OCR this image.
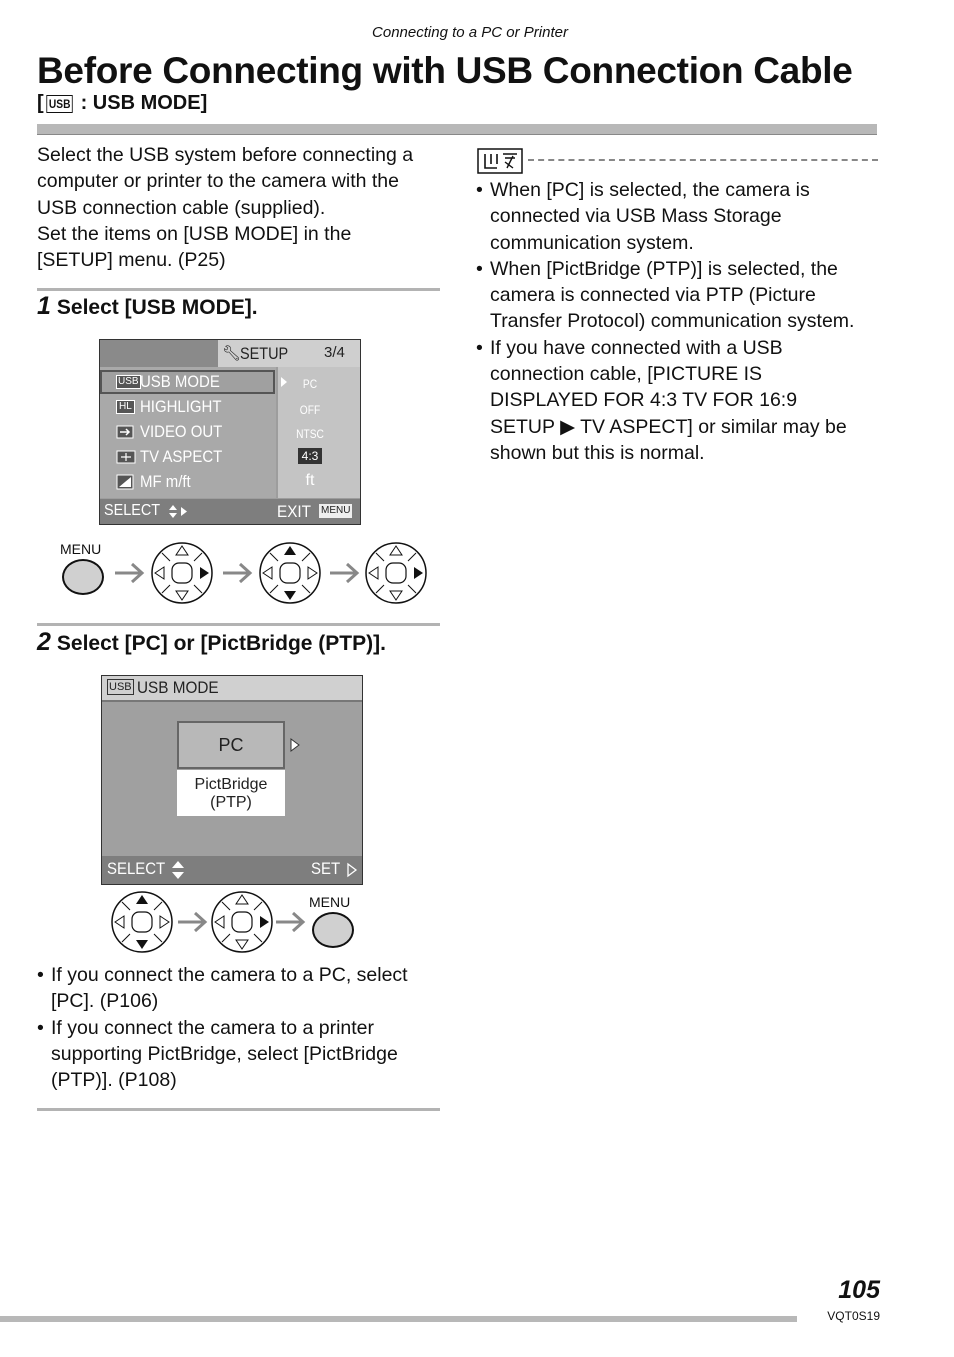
Connecting to a PC or Printer
Before Connecting with USB Connection Cable
[ USB : USB MODE]
Select the USB system before connecting a
computer or printer to the camera with the
USB connection cable (supplied).
Set the items on [USB MODE] in the
[SETUP] menu. (P25)
1 Select [USB MODE].
🔧︎
SETUP 3/4
USB USB MODE
HL HIGHLIGHT
VIDEO OUT
TV ASPECT
MF m/ft
PC
OFF
NTSC
4:3
ft
SELECT	EXIT MENU
MENU
2 Select [PC] or [PictBridge (PTP)].
USB USB MODE
PC
PictBridge
(PTP)
SELECT	SET
MENU
• If you connect the camera to a PC, select
[PC]. (P106)
• If you connect the camera to a printer
supporting PictBridge, select [PictBridge
(PTP)]. (P108)
• When [PC] is selected, the camera is
connected via USB Mass Storage
communication system.
• When [PictBridge (PTP)] is selected, the
camera is connected via PTP (Picture
Transfer Protocol) communication system.
• If you have connected with a USB
connection cable, [PICTURE IS
DISPLAYED FOR 4:3 TV FOR 16:9
SETUP ▶ TV ASPECT] or similar may be
shown but this is normal.
105
VQT0S19
